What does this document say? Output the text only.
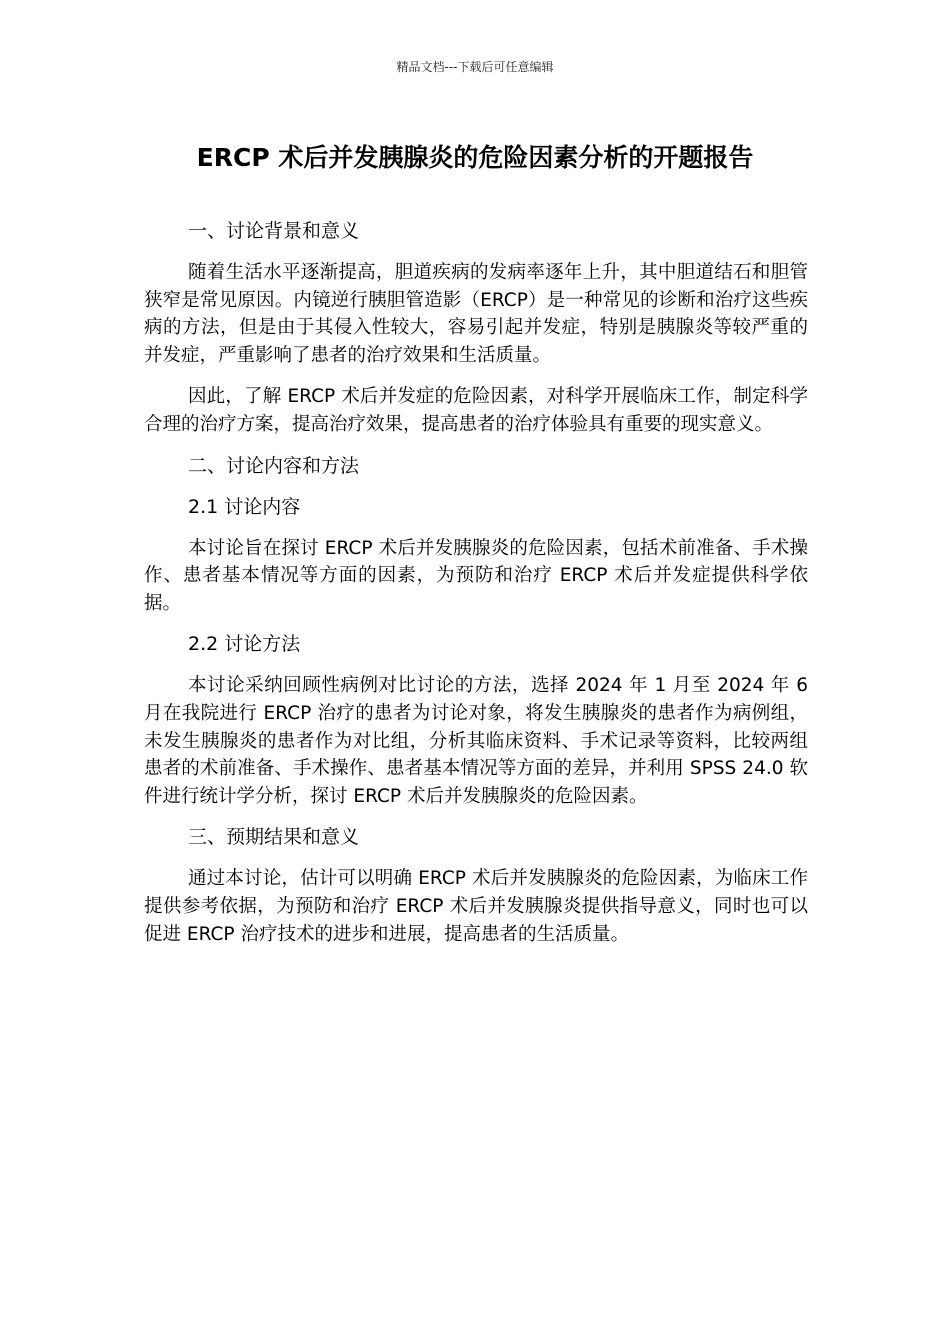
精品文档---下载后可任意编辑
ERCP 术后并发胰腺炎的危险因素分析的开题报告

一、讨论背景和意义

随着生活水平逐渐提高，胆道疾病的发病率逐年上升，其中胆道结石和胆管狭窄是常见原因。内镜逆行胰胆管造影（ERCP）是一种常见的诊断和治疗这些疾病的方法，但是由于其侵入性较大，容易引起并发症，特别是胰腺炎等较严重的并发症，严重影响了患者的治疗效果和生活质量。

因此，了解 ERCP 术后并发症的危险因素，对科学开展临床工作，制定科学合理的治疗方案，提高治疗效果，提高患者的治疗体验具有重要的现实意义。

二、讨论内容和方法

2.1 讨论内容

本讨论旨在探讨 ERCP 术后并发胰腺炎的危险因素，包括术前准备、手术操作、患者基本情况等方面的因素，为预防和治疗 ERCP 术后并发症提供科学依据。

2.2 讨论方法

本讨论采纳回顾性病例对比讨论的方法，选择 2024 年 1 月至 2024 年 6 月在我院进行 ERCP 治疗的患者为讨论对象，将发生胰腺炎的患者作为病例组，未发生胰腺炎的患者作为对比组，分析其临床资料、手术记录等资料，比较两组患者的术前准备、手术操作、患者基本情况等方面的差异，并利用 SPSS 24.0 软件进行统计学分析，探讨 ERCP 术后并发胰腺炎的危险因素。

三、预期结果和意义

通过本讨论，估计可以明确 ERCP 术后并发胰腺炎的危险因素，为临床工作提供参考依据，为预防和治疗 ERCP 术后并发胰腺炎提供指导意义，同时也可以促进 ERCP 治疗技术的进步和进展，提高患者的生活质量。
